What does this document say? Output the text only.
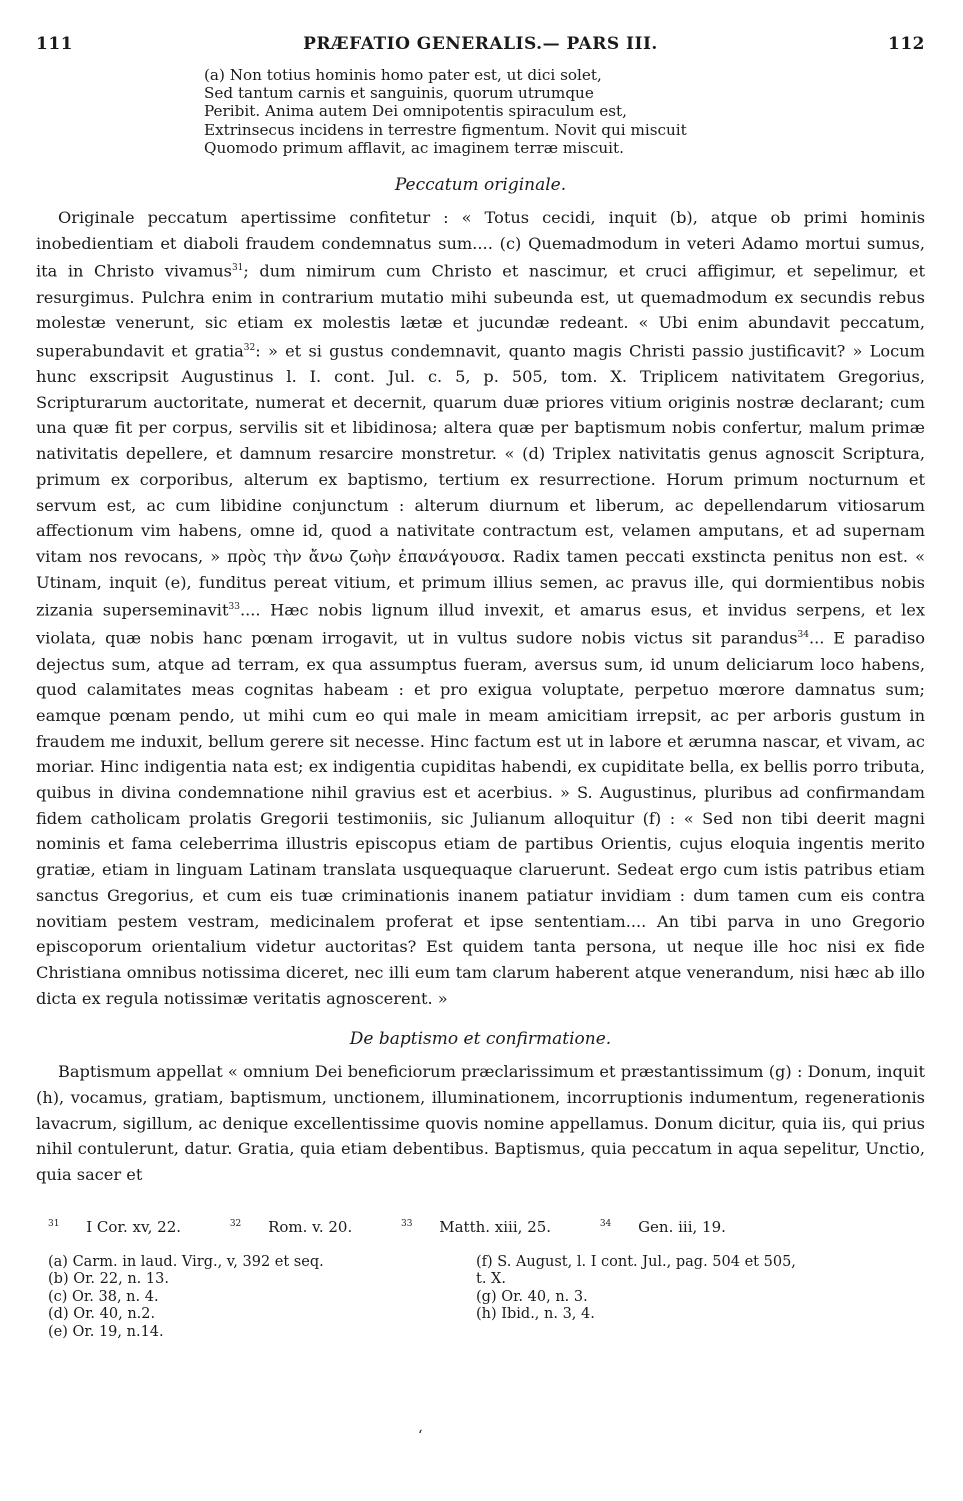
111	PRÆFATIO GENERALIS.— PARS III.	112
(a) Non totius hominis homo pater est, ut dici solet,
Sed tantum carnis et sanguinis, quorum utrumque
Peribit. Anima autem Dei omnipotentis spiraculum est,
Extrinsecus incidens in terrestre figmentum. Novit qui miscuit
Quomodo primum afflavit, ac imaginem terræ miscuit.
Peccatum originale.

Originale peccatum apertissime confitetur : « Totus cecidi, inquit (b), atque ob primi hominis inobedientiam et diaboli fraudem condemnatus sum.... (c) Quemadmodum in veteri Adamo mortui sumus, ita in Christo vivamus$^{31}$; dum nimirum cum Christo et nascimur, et cruci affigimur, et sepelimur, et resurgimus. Pulchra enim in contrarium mutatio mihi subeunda est, ut quemadmodum ex secundis rebus molestæ venerunt, sic etiam ex molestis lætæ et jucundæ redeant. « Ubi enim abundavit peccatum, superabundavit et gratia$^{32}$: » et si gustus condemnavit, quanto magis Christi passio justificavit? » Locum hunc exscripsit Augustinus l. I. cont. Jul. c. 5, p. 505, tom. X. Triplicem nativitatem Gregorius, Scripturarum auctoritate, numerat et decernit, quarum duæ priores vitium originis nostræ declarant; cum una quæ fit per corpus, servilis sit et libidinosa; altera quæ per baptismum nobis confertur, malum primæ nativitatis depellere, et damnum resarcire monstretur. « (d) Triplex nativitatis genus agnoscit Scriptura, primum ex corporibus, alterum ex baptismo, tertium ex resurrectione. Horum primum nocturnum et servum est, ac cum libidine conjunctum : alterum diurnum et liberum, ac depellendarum vitiosarum affectionum vim habens, omne id, quod a nativitate contractum est, velamen amputans, et ad supernam vitam nos revocans, » πρὸς τὴν ἄνω ζωὴν ἐπανάγουσα. Radix tamen peccati exstincta penitus non est. « Utinam, inquit (e), funditus pereat vitium, et primum illius semen, ac pravus ille, qui dormientibus nobis zizania superseminavit$^{33}$.... Hæc nobis lignum illud invexit, et amarus esus, et invidus serpens, et lex violata, quæ nobis hanc pœnam irrogavit, ut in vultus sudore nobis victus sit parandus$^{34}$... E paradiso dejectus sum, atque ad terram, ex qua assumptus fueram, aversus sum, id unum deliciarum loco habens, quod calamitates meas cognitas habeam : et pro exigua voluptate, perpetuo mœrore damnatus sum; eamque pœnam pendo, ut mihi cum eo qui male in meam amicitiam irrepsit, ac per arboris gustum in fraudem me induxit, bellum gerere sit necesse. Hinc factum est ut in labore et ærumna nascar, et vivam, ac moriar. Hinc indigentia nata est; ex indigentia cupiditas habendi, ex cupiditate bella, ex bellis porro tributa, quibus in divina condemnatione nihil gravius est et acerbius. » S. Augustinus, pluribus ad confirmandam fidem catholicam prolatis Gregorii testimoniis, sic Julianum alloquitur (f) : « Sed non tibi deerit magni nominis et fama celeberrima illustris episcopus etiam de partibus Orientis, cujus eloquia ingentis merito gratiæ, etiam in linguam Latinam translata usquequaque claruerunt. Sedeat ergo cum istis patribus etiam sanctus Gregorius, et cum eis tuæ criminationis inanem patiatur invidiam : dum tamen cum eis contra novitiam pestem vestram, medicinalem proferat et ipse sententiam.... An tibi parva in uno Gregorio episcoporum orientalium videtur auctoritas? Est quidem tanta persona, ut neque ille hoc nisi ex fide Christiana omnibus notissima diceret, nec illi eum tam clarum haberent atque venerandum, nisi hæc ab illo dicta ex regula notissimæ veritatis agnoscerent. »

De baptismo et confirmatione.

Baptismum appellat « omnium Dei beneficiorum præclarissimum et præstantissimum (g) : Donum, inquit (h), vocamus, gratiam, baptismum, unctionem, illuminationem, incorruptionis indumentum, regenerationis lavacrum, sigillum, ac denique excellentissime quovis nomine appellamus. Donum dicitur, quia iis, qui prius nihil contulerunt, datur. Gratia, quia etiam debentibus. Baptismus, quia peccatum in aqua sepelitur, Unctio, quia sacer et

$^{31}$ I Cor. xv, 22.	$^{32}$ Rom. v. 20.	$^{33}$ Matth. xiii, 25.	$^{34}$ Gen. iii, 19.
(a) Carm. in laud. Virg., v, 392 et seq.
(b) Or. 22, n. 13.
(c) Or. 38, n. 4.
(d) Or. 40, n.2.
(e) Or. 19, n.14.
(f) S. August, l. I cont. Jul., pag. 504 et 505,
t. X.
(g) Or. 40, n. 3.
(h) Ibid., n. 3, 4.
ʻ
